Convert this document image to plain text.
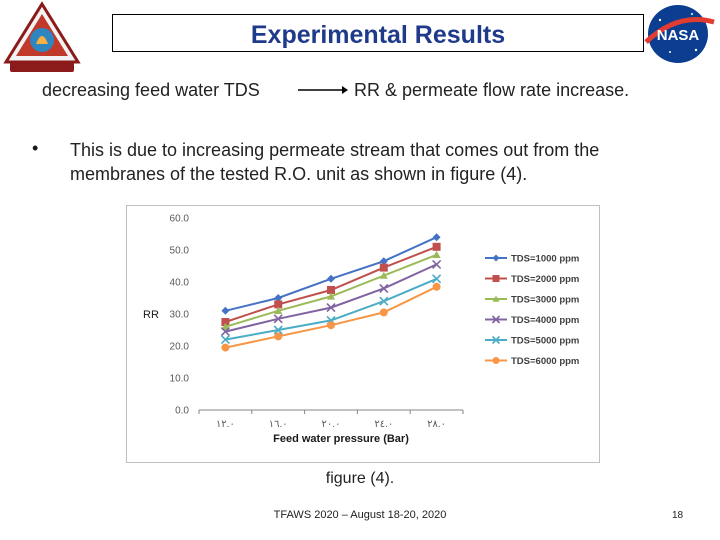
NASA
Experimental Results
decreasing feed water TDS	RR & permeate flow rate increase.
• This is due to increasing permeate stream that comes out from the membranes of the tested R.O. unit as shown in figure (4).
0.0
10.0
20.0
30.0
40.0
50.0
60.0
١٢.٠	١٦.٠	٢٠.٠	٢٤.٠	٢٨.٠
RR
Feed water pressure (Bar)
TDS=1000 ppm
TDS=2000 ppm
TDS=3000 ppm
TDS=4000 ppm
TDS=5000 ppm
TDS=6000 ppm
figure (4).
TFAWS 2020 – August 18-20, 2020	18
